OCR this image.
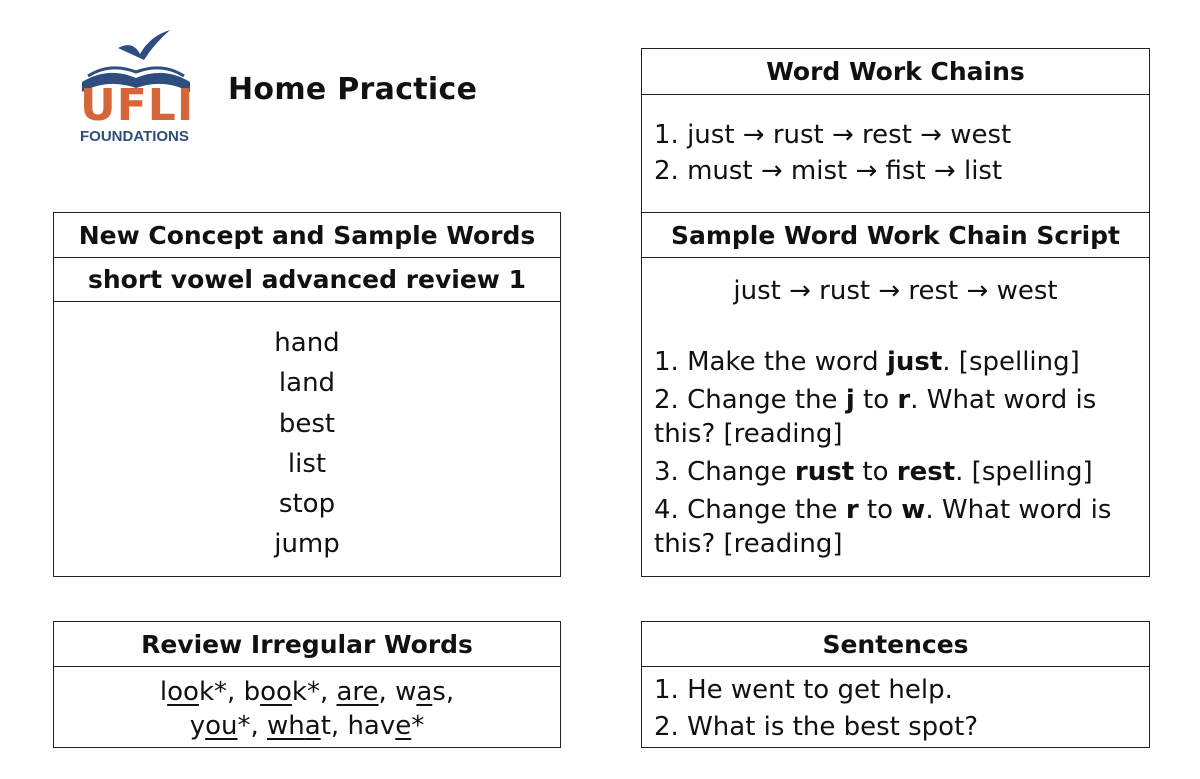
UFLI
FOUNDATIONS
Home Practice
Word Work Chains
1. just → rust → rest → west
2. must → mist → fist → list
New Concept and Sample Words
short vowel advanced review 1
hand
land
best
list
stop
jump
Sample Word Work Chain Script
just → rust → rest → west
1. Make the word just. [spelling]
2. Change the j to r. What word is this? [reading]
3. Change rust to rest. [spelling]
4. Change the r to w. What word is this? [reading]
Review Irregular Words
look*, book*, are, was,
you*, what, have*
Sentences
1. He went to get help.
2. What is the best spot?
